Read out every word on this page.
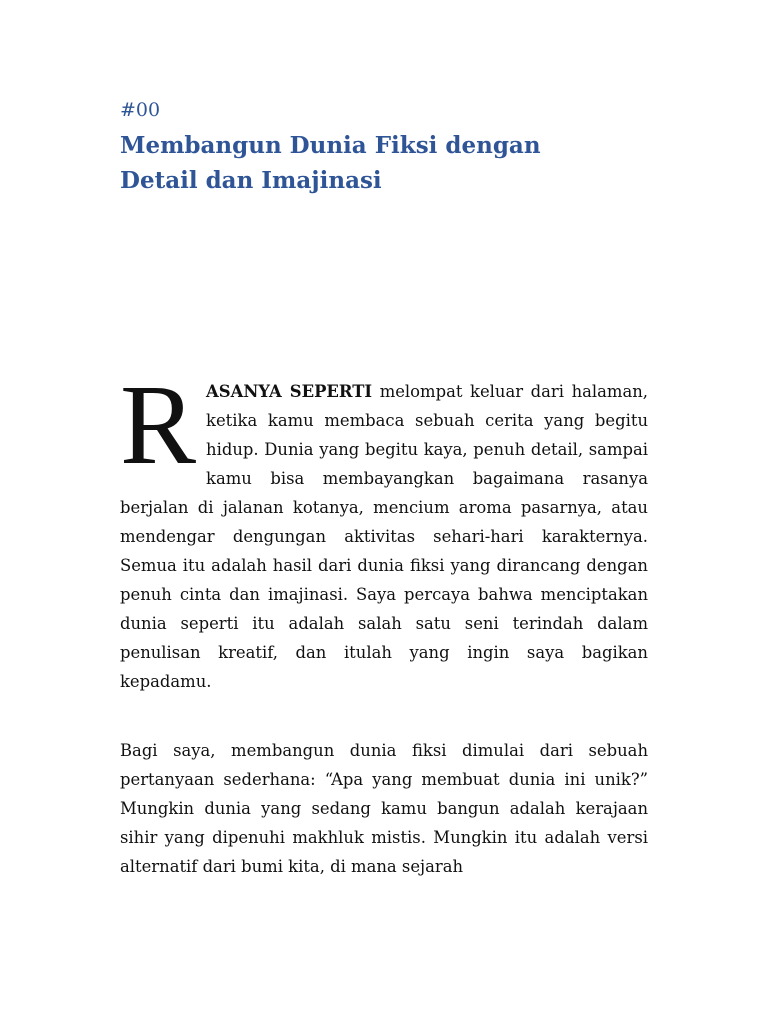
#00

Membangun Dunia Fiksi dengan
Detail dan Imajinasi

RASANYA SEPERTI melompat keluar dari halaman, ketika kamu membaca sebuah cerita yang begitu hidup. Dunia yang begitu kaya, penuh detail, sampai kamu bisa membayangkan bagaimana rasanya berjalan di jalanan kotanya, mencium aroma pasarnya, atau mendengar dengungan aktivitas sehari-hari karakternya. Semua itu adalah hasil dari dunia fiksi yang dirancang dengan penuh cinta dan imajinasi. Saya percaya bahwa menciptakan dunia seperti itu adalah salah satu seni terindah dalam penulisan kreatif, dan itulah yang ingin saya bagikan kepadamu.

Bagi saya, membangun dunia fiksi dimulai dari sebuah pertanyaan sederhana: “Apa yang membuat dunia ini unik?” Mungkin dunia yang sedang kamu bangun adalah kerajaan sihir yang dipenuhi makhluk mistis. Mungkin itu adalah versi alternatif dari bumi kita, di mana sejarah
